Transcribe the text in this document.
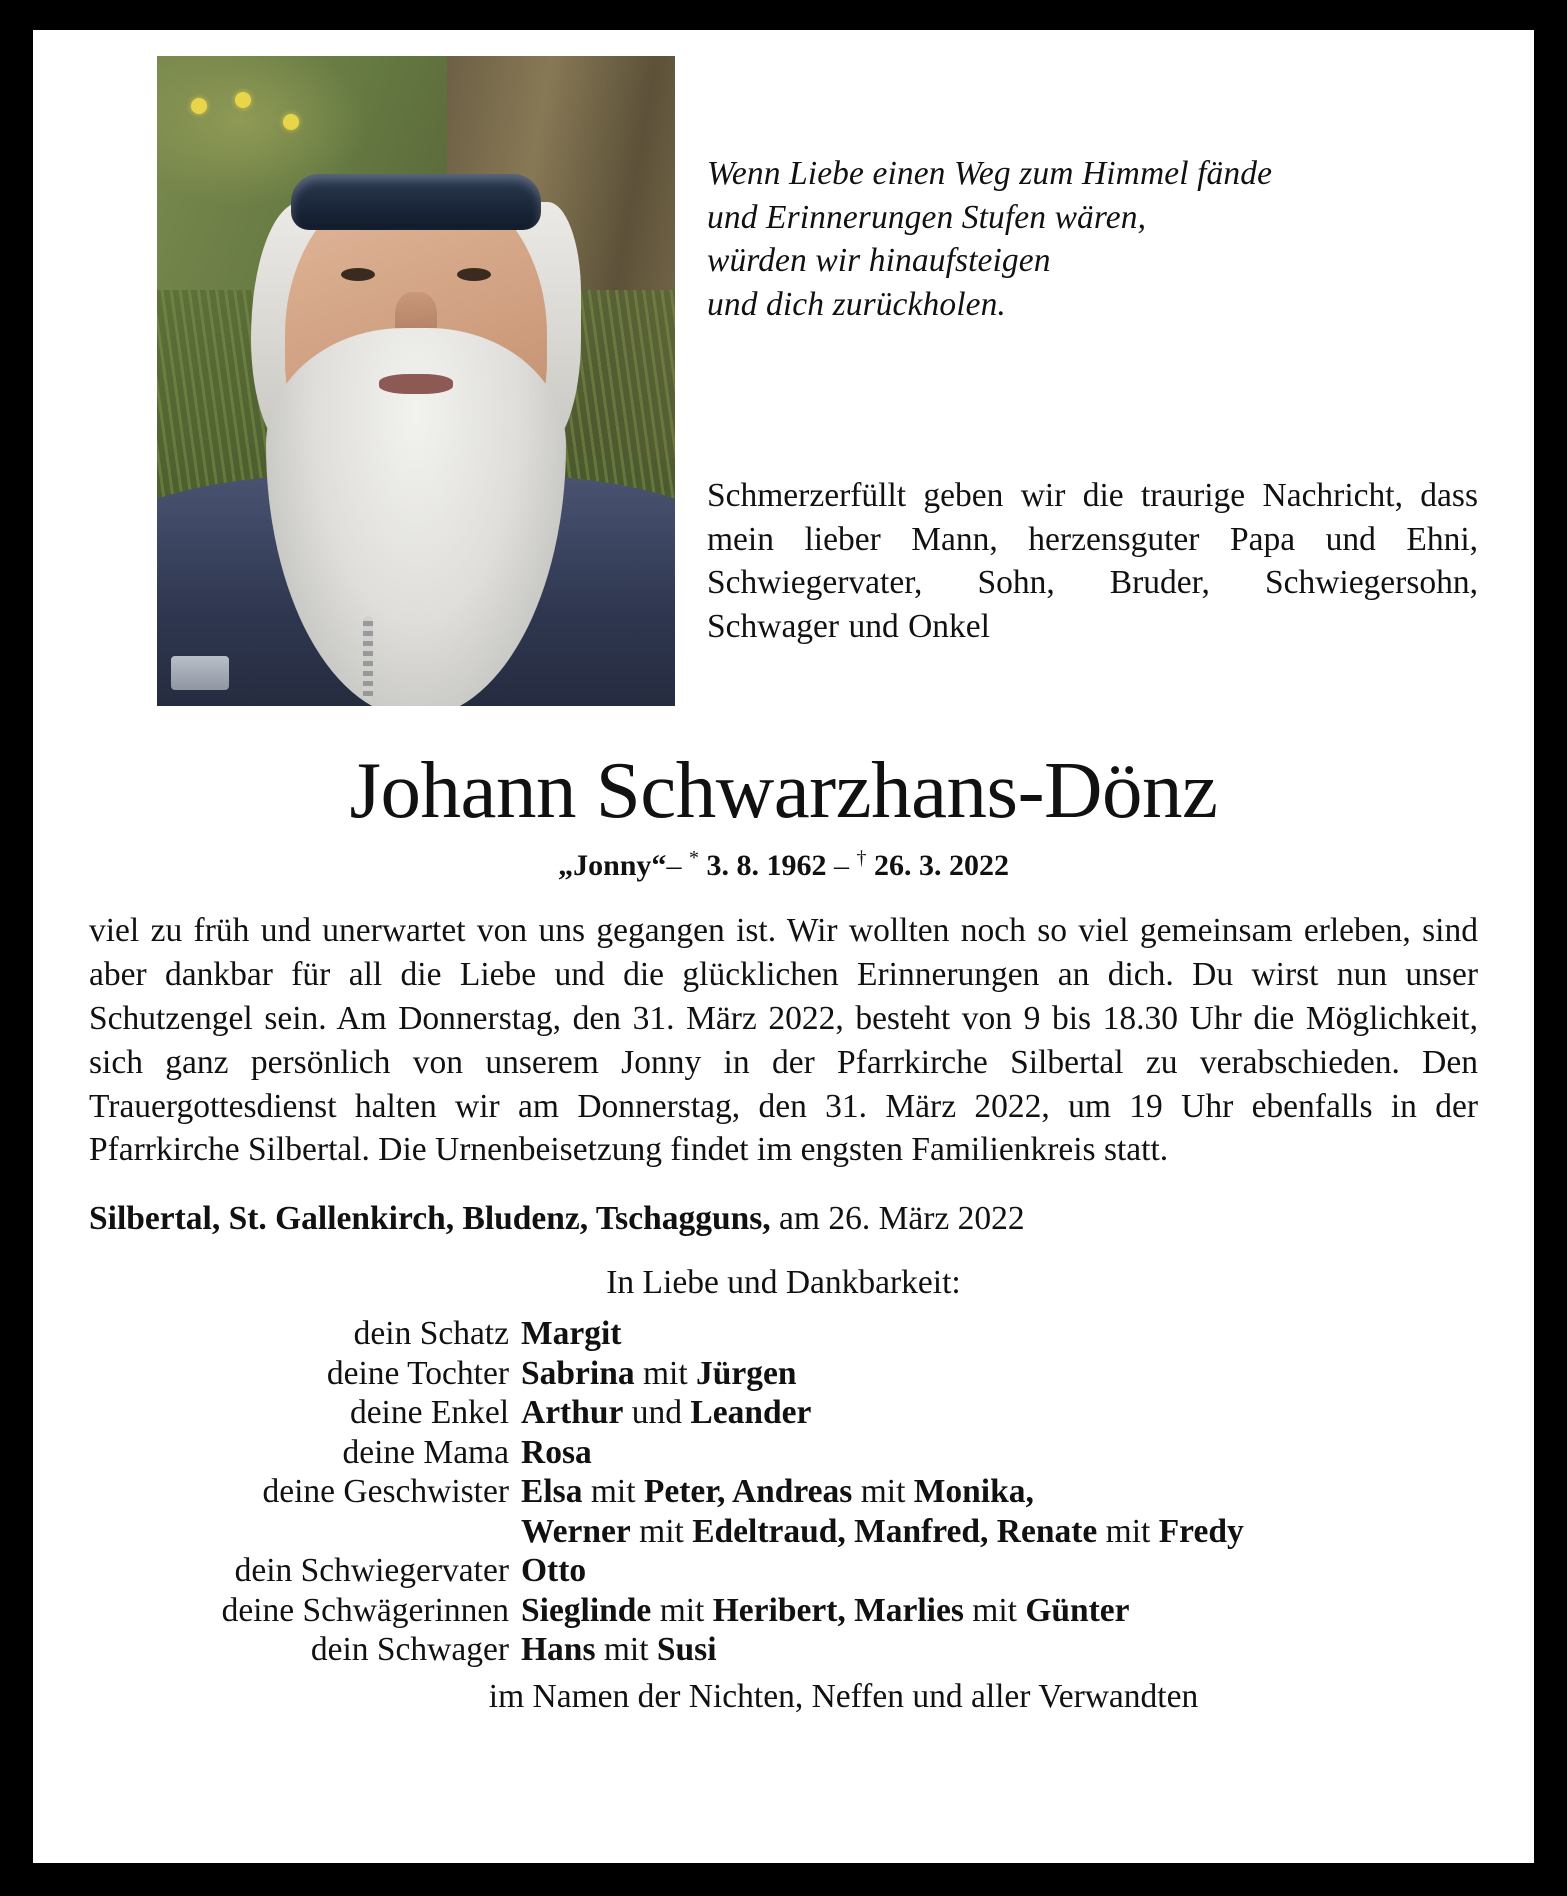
Wenn Liebe einen Weg zum Himmel fände
und Erinnerungen Stufen wären,
würden wir hinaufsteigen
und dich zurückholen.
Schmerzerfüllt geben wir die traurige Nachricht, dass mein lieber Mann, herzensguter Papa und Ehni, Schwiegervater, Sohn, Bruder, Schwiegersohn, Schwager und Onkel
Johann Schwarzhans-Dönz
„Jonny“– * 3. 8. 1962 – † 26. 3. 2022
viel zu früh und unerwartet von uns gegangen ist. Wir wollten noch so viel gemeinsam erleben, sind aber dankbar für all die Liebe und die glücklichen Erinnerungen an dich. Du wirst nun unser Schutzengel sein. Am Donnerstag, den 31. März 2022, besteht von 9 bis 18.30 Uhr die Möglichkeit, sich ganz persönlich von unserem Jonny in der Pfarrkirche Silbertal zu verabschieden. Den Trauergottesdienst halten wir am Donnerstag, den 31. März 2022, um 19 Uhr ebenfalls in der Pfarrkirche Silbertal. Die Urnenbeisetzung findet im engsten Familienkreis statt.
Silbertal, St. Gallenkirch, Bludenz, Tschagguns, am 26. März 2022
In Liebe und Dankbarkeit:
dein Schatz Margit
deine Tochter Sabrina mit Jürgen
deine Enkel Arthur und Leander
deine Mama Rosa
deine Geschwister Elsa mit Peter, Andreas mit Monika,
Werner mit Edeltraud, Manfred, Renate mit Fredy
dein Schwiegervater Otto
deine Schwägerinnen Sieglinde mit Heribert, Marlies mit Günter
dein Schwager Hans mit Susi
im Namen der Nichten, Neffen und aller Verwandten
